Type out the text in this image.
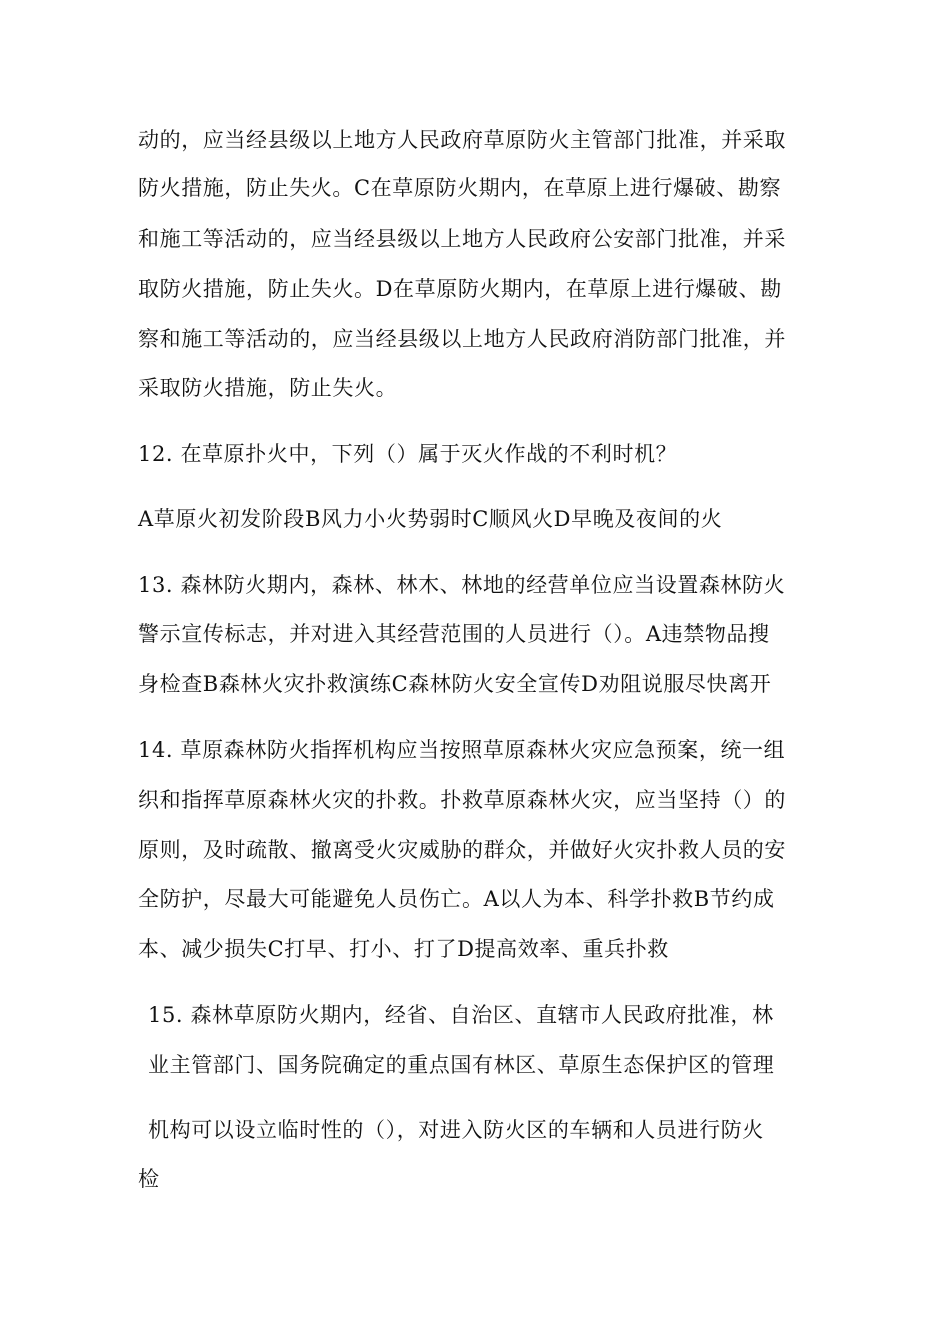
动的，应当经县级以上地方人民政府草原防火主管部门批准，并采取
防火措施，防止失火。C在草原防火期内，在草原上进行爆破、勘察
和施工等活动的，应当经县级以上地方人民政府公安部门批准，并采
取防火措施，防止失火。D在草原防火期内，在草原上进行爆破、勘
察和施工等活动的，应当经县级以上地方人民政府消防部门批准，并
采取防火措施，防止失火。
12. 在草原扑火中，下列（）属于灭火作战的不利时机？
A草原火初发阶段B风力小火势弱时C顺风火D早晚及夜间的火
13. 森林防火期内，森林、林木、林地的经营单位应当设置森林防火
警示宣传标志，并对进入其经营范围的人员进行（）。A违禁物品搜
身检查B森林火灾扑救演练C森林防火安全宣传D劝阻说服尽快离开
14. 草原森林防火指挥机构应当按照草原森林火灾应急预案，统一组
织和指挥草原森林火灾的扑救。扑救草原森林火灾，应当坚持（）的
原则，及时疏散、撤离受火灾威胁的群众，并做好火灾扑救人员的安
全防护，尽最大可能避免人员伤亡。A以人为本、科学扑救B节约成
本、减少损失C打早、打小、打了D提高效率、重兵扑救
15. 森林草原防火期内，经省、自治区、直辖市人民政府批准，林
业主管部门、国务院确定的重点国有林区、草原生态保护区的管理
机构可以设立临时性的（），对进入防火区的车辆和人员进行防火
检
